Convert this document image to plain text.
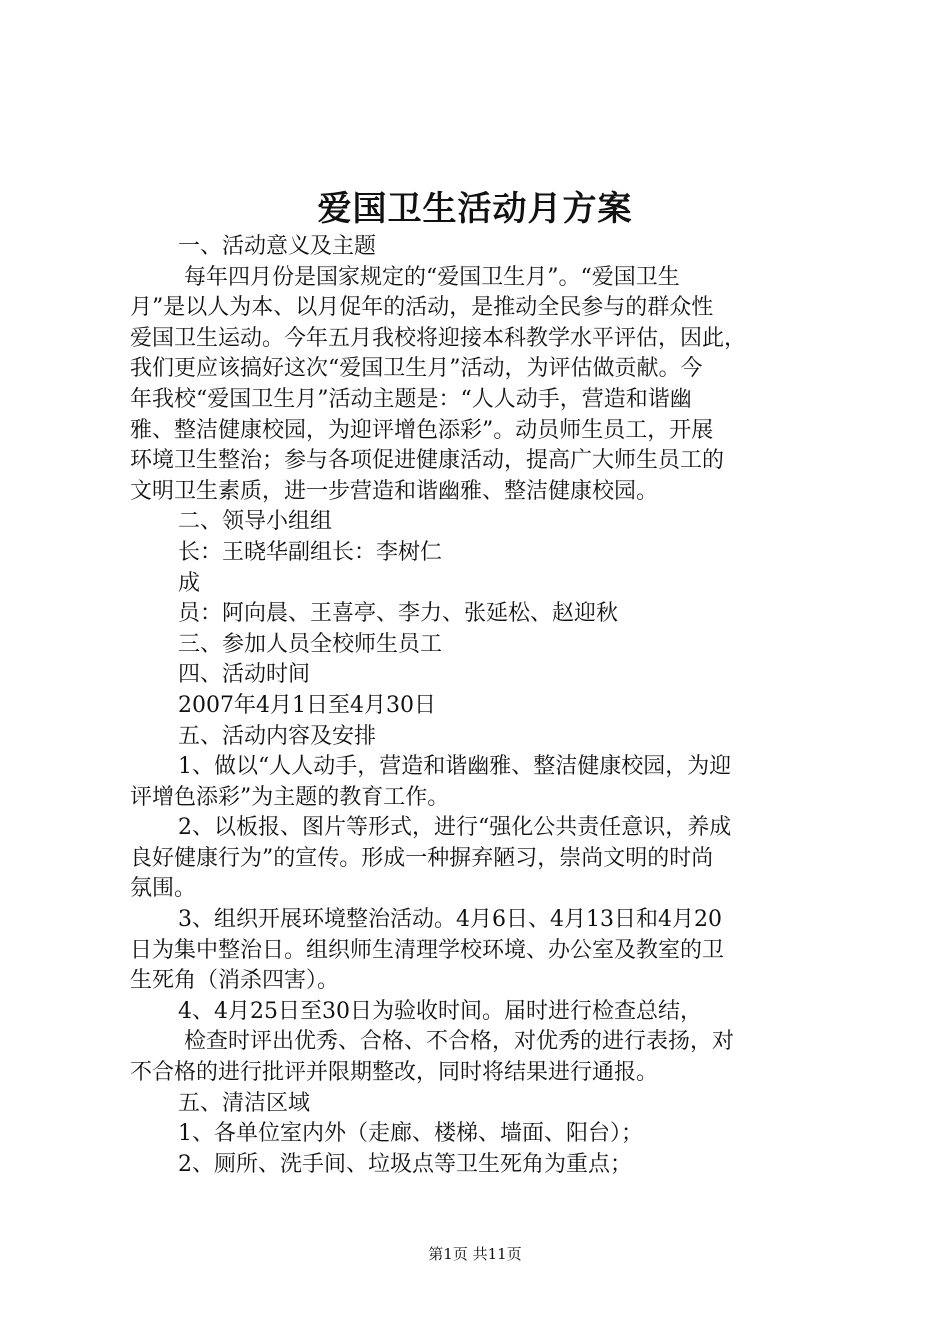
爱国卫生活动月方案

一、活动意义及主题

每年四月份是国家规定的“爱国卫生月”。“爱国卫生

月”是以人为本、以月促年的活动，是推动全民参与的群众性

爱国卫生运动。今年五月我校将迎接本科教学水平评估，因此，

我们更应该搞好这次“爱国卫生月”活动，为评估做贡献。今

年我校“爱国卫生月”活动主题是：“人人动手，营造和谐幽

雅、整洁健康校园，为迎评增色添彩”。动员师生员工，开展

环境卫生整治；参与各项促进健康活动，提高广大师生员工的

文明卫生素质，进一步营造和谐幽雅、整洁健康校园。

二、领导小组组

长：王晓华副组长：李树仁

成

员：阿向晨、王喜亭、李力、张延松、赵迎秋

三、参加人员全校师生员工

四、活动时间

2007年4月1日至4月30日

五、活动内容及安排

1、做以“人人动手，营造和谐幽雅、整洁健康校园，为迎

评增色添彩”为主题的教育工作。

2、以板报、图片等形式，进行“强化公共责任意识，养成

良好健康行为”的宣传。形成一种摒弃陋习，崇尚文明的时尚

氛围。

3、组织开展环境整治活动。4月6日、4月13日和4月20

日为集中整治日。组织师生清理学校环境、办公室及教室的卫

生死角（消杀四害）。

4、4月25日至30日为验收时间。届时进行检查总结，

检查时评出优秀、合格、不合格，对优秀的进行表扬，对

不合格的进行批评并限期整改，同时将结果进行通报。

五、清洁区域

1、各单位室内外（走廊、楼梯、墙面、阳台）；

2、厕所、洗手间、垃圾点等卫生死角为重点；

第1页 共11页
